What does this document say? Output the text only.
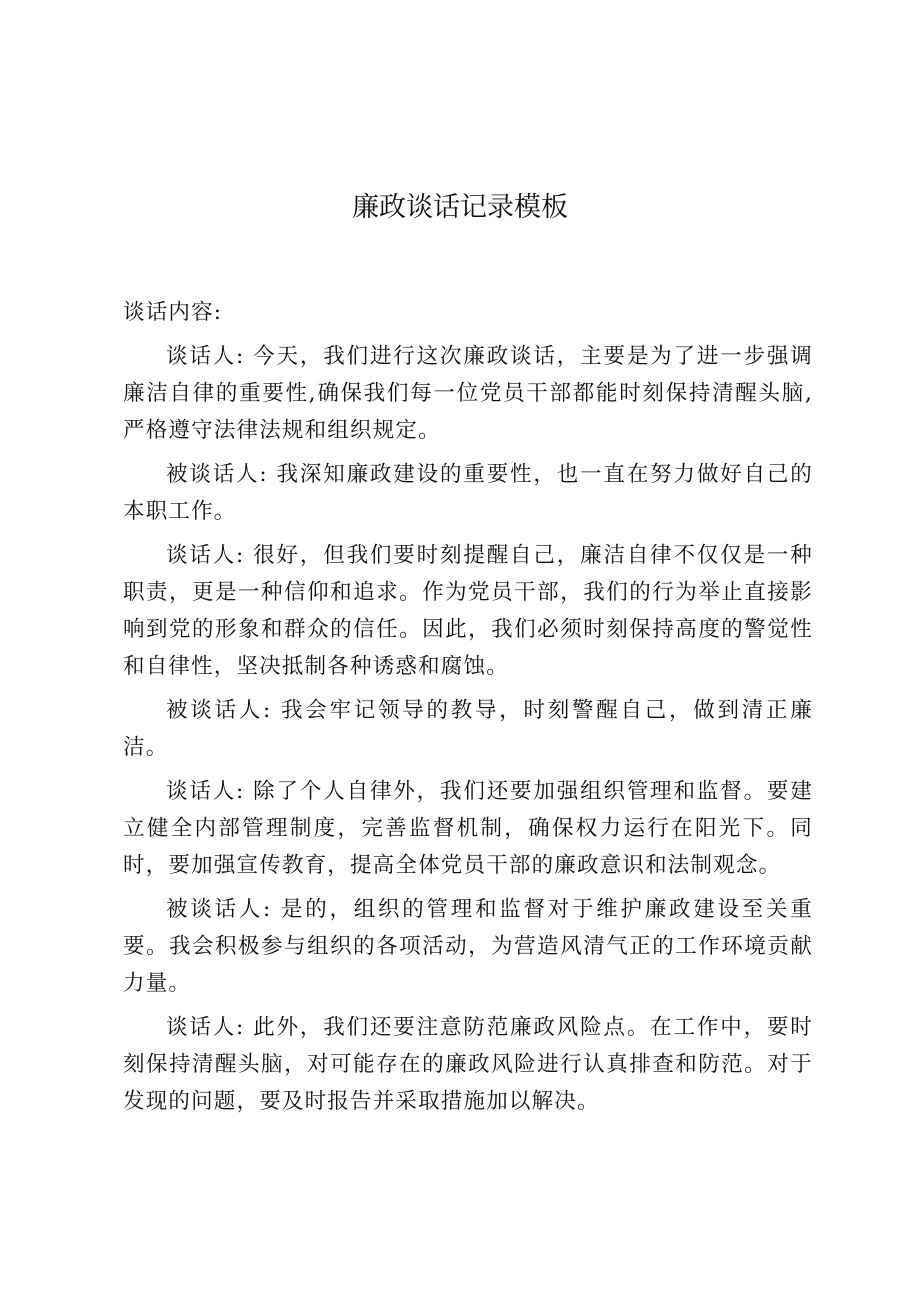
廉政谈话记录模板

谈话内容:

谈话人: 今天，我们进行这次廉政谈话，主要是为了进一步强调廉洁自律的重要性,确保我们每一位党员干部都能时刻保持清醒头脑,严格遵守法律法规和组织规定。

被谈话人: 我深知廉政建设的重要性，也一直在努力做好自己的本职工作。

谈话人: 很好，但我们要时刻提醒自己，廉洁自律不仅仅是一种职责，更是一种信仰和追求。作为党员干部，我们的行为举止直接影响到党的形象和群众的信任。因此，我们必须时刻保持高度的警觉性和自律性，坚决抵制各种诱惑和腐蚀。

被谈话人: 我会牢记领导的教导，时刻警醒自己，做到清正廉洁。

谈话人: 除了个人自律外，我们还要加强组织管理和监督。要建立健全内部管理制度，完善监督机制，确保权力运行在阳光下。同时，要加强宣传教育，提高全体党员干部的廉政意识和法制观念。

被谈话人: 是的，组织的管理和监督对于维护廉政建设至关重要。我会积极参与组织的各项活动，为营造风清气正的工作环境贡献力量。

谈话人: 此外，我们还要注意防范廉政风险点。在工作中，要时刻保持清醒头脑，对可能存在的廉政风险进行认真排查和防范。对于发现的问题，要及时报告并采取措施加以解决。
